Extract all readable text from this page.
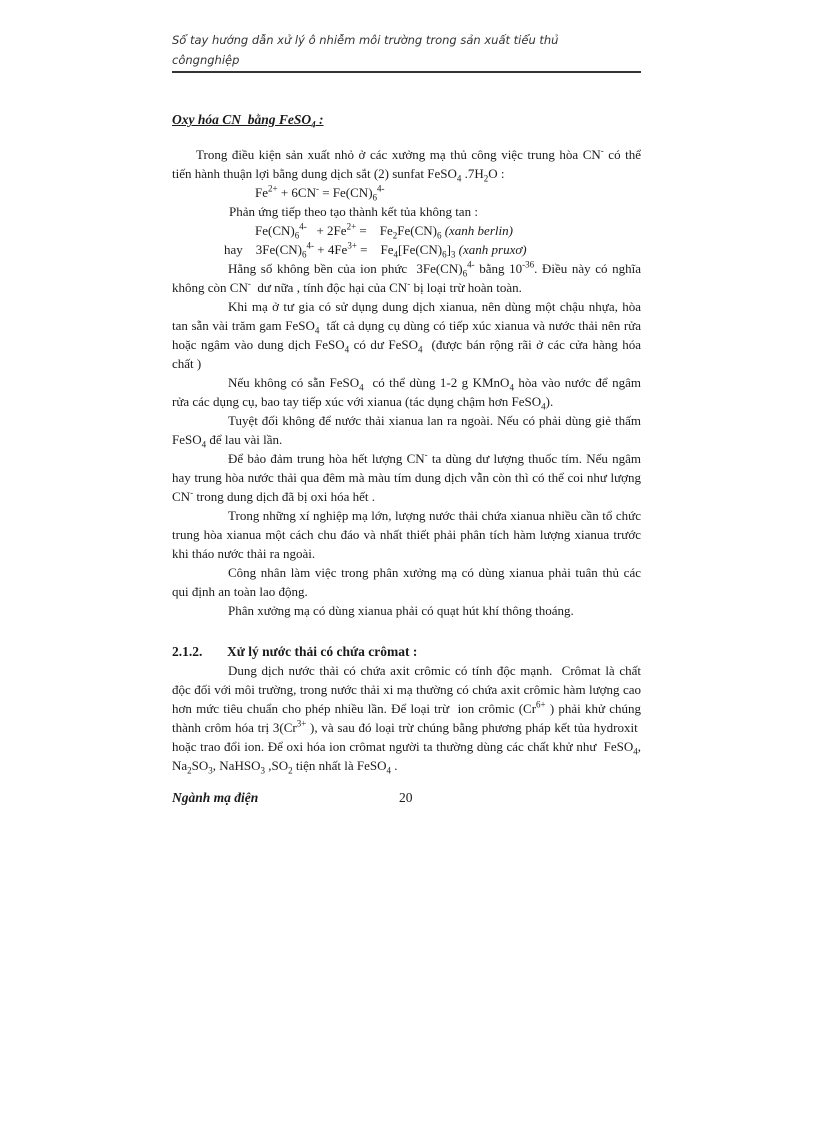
Sổ tay hướng dẫn xử lý ô nhiễm môi trường trong sản xuất tiểu thủ
côngnghiệp

Oxy hóa CN  bằng FeSO$_4$ :

Trong điều kiện sản xuất nhỏ ở các xưởng mạ thủ công việc trung hòa CN- có thể tiến hành thuận lợi bằng dung dịch sắt (2) sunfat FeSO$_4$ $.7H_2O$ :

$Fe^{2+} + 6CN^- = Fe(CN)_6^{4-}$

Phản ứng tiếp theo tạo thành kết tủa không tan :

$Fe(CN)_6^{4-} + 2Fe^{2+}$ =    $Fe_2Fe(CN)_6$ (xanh berlin)

hay    $3Fe(CN)_6^{4-} + 4Fe^{3+}$ =    $Fe_4[Fe(CN)_6]_3$ (xanh pruxơ)

Hằng số không bền của ion phức  $3Fe(CN)_6^{4-}$ bằng $10^{-36}$. Điều này có nghĩa không còn CN-  dư nữa , tính độc hại của CN- bị loại trừ hoàn toàn.

Khi mạ ở tư gia có sử dụng dung dịch xianua, nên dùng một chậu nhựa, hòa tan sẵn vài trăm gam FeSO$_4$  tất cả dụng cụ dùng có tiếp xúc xianua và nước thải nên rửa hoặc ngâm vào dung dịch FeSO$_4$ có dư FeSO$_4$  (được bán rộng rãi ở các cửa hàng hóa chất )

Nếu không có sẵn FeSO$_4$  có thể dùng 1-2 g KMnO$_4$ hòa vào nước để ngâm rửa các dụng cụ, bao tay tiếp xúc với xianua (tác dụng chậm hơn FeSO$_4$).

Tuyệt đối không để nước thải xianua lan ra ngoài. Nếu có phải dùng giẻ thấm FeSO$_4$ để lau vài lần.

Để bảo đảm trung hòa hết lượng CN- ta dùng dư lượng thuốc tím. Nếu ngâm hay trung hòa nước thải qua đêm mà màu tím dung dịch vẫn còn thì có thể coi như lượng CN- trong dung dịch đã bị oxi hóa hết .

Trong những xí nghiệp mạ lớn, lượng nước thải chứa xianua nhiều cần tổ chức trung hòa xianua một cách chu đáo và nhất thiết phải phân tích hàm lượng xianua trước khi tháo nước thải ra ngoài.

Công nhân làm việc trong phân xưởng mạ có dùng xianua phải tuân thủ các qui định an toàn lao động.

Phân xưởng mạ có dùng xianua phải có quạt hút khí thông thoáng.

2.1.2. Xử lý nước thải có chứa crômat :

Dung dịch nước thải có chứa axit crômic có tính độc mạnh.  Crômat là chất độc đối với môi trường, trong nước thải xi mạ thường có chứa axit crômic hàm lượng cao hơn mức tiêu chuẩn cho phép nhiều lần. Để loại trừ  ion crômic ($Cr^{6+}$ ) phải khử chúng thành crôm hóa trị $3(Cr^{3+}$ ), và sau đó loại trừ chúng bằng phương pháp kết tủa hydroxit  hoặc trao đổi ion. Để oxi hóa ion crômat người ta thường dùng các chất khử như  FeSO$_4$, $Na_2SO_3$, NaHSO$_3$ $,SO_2$ tiện nhất là FeSO$_4$ .

Ngành mạ điện	20
